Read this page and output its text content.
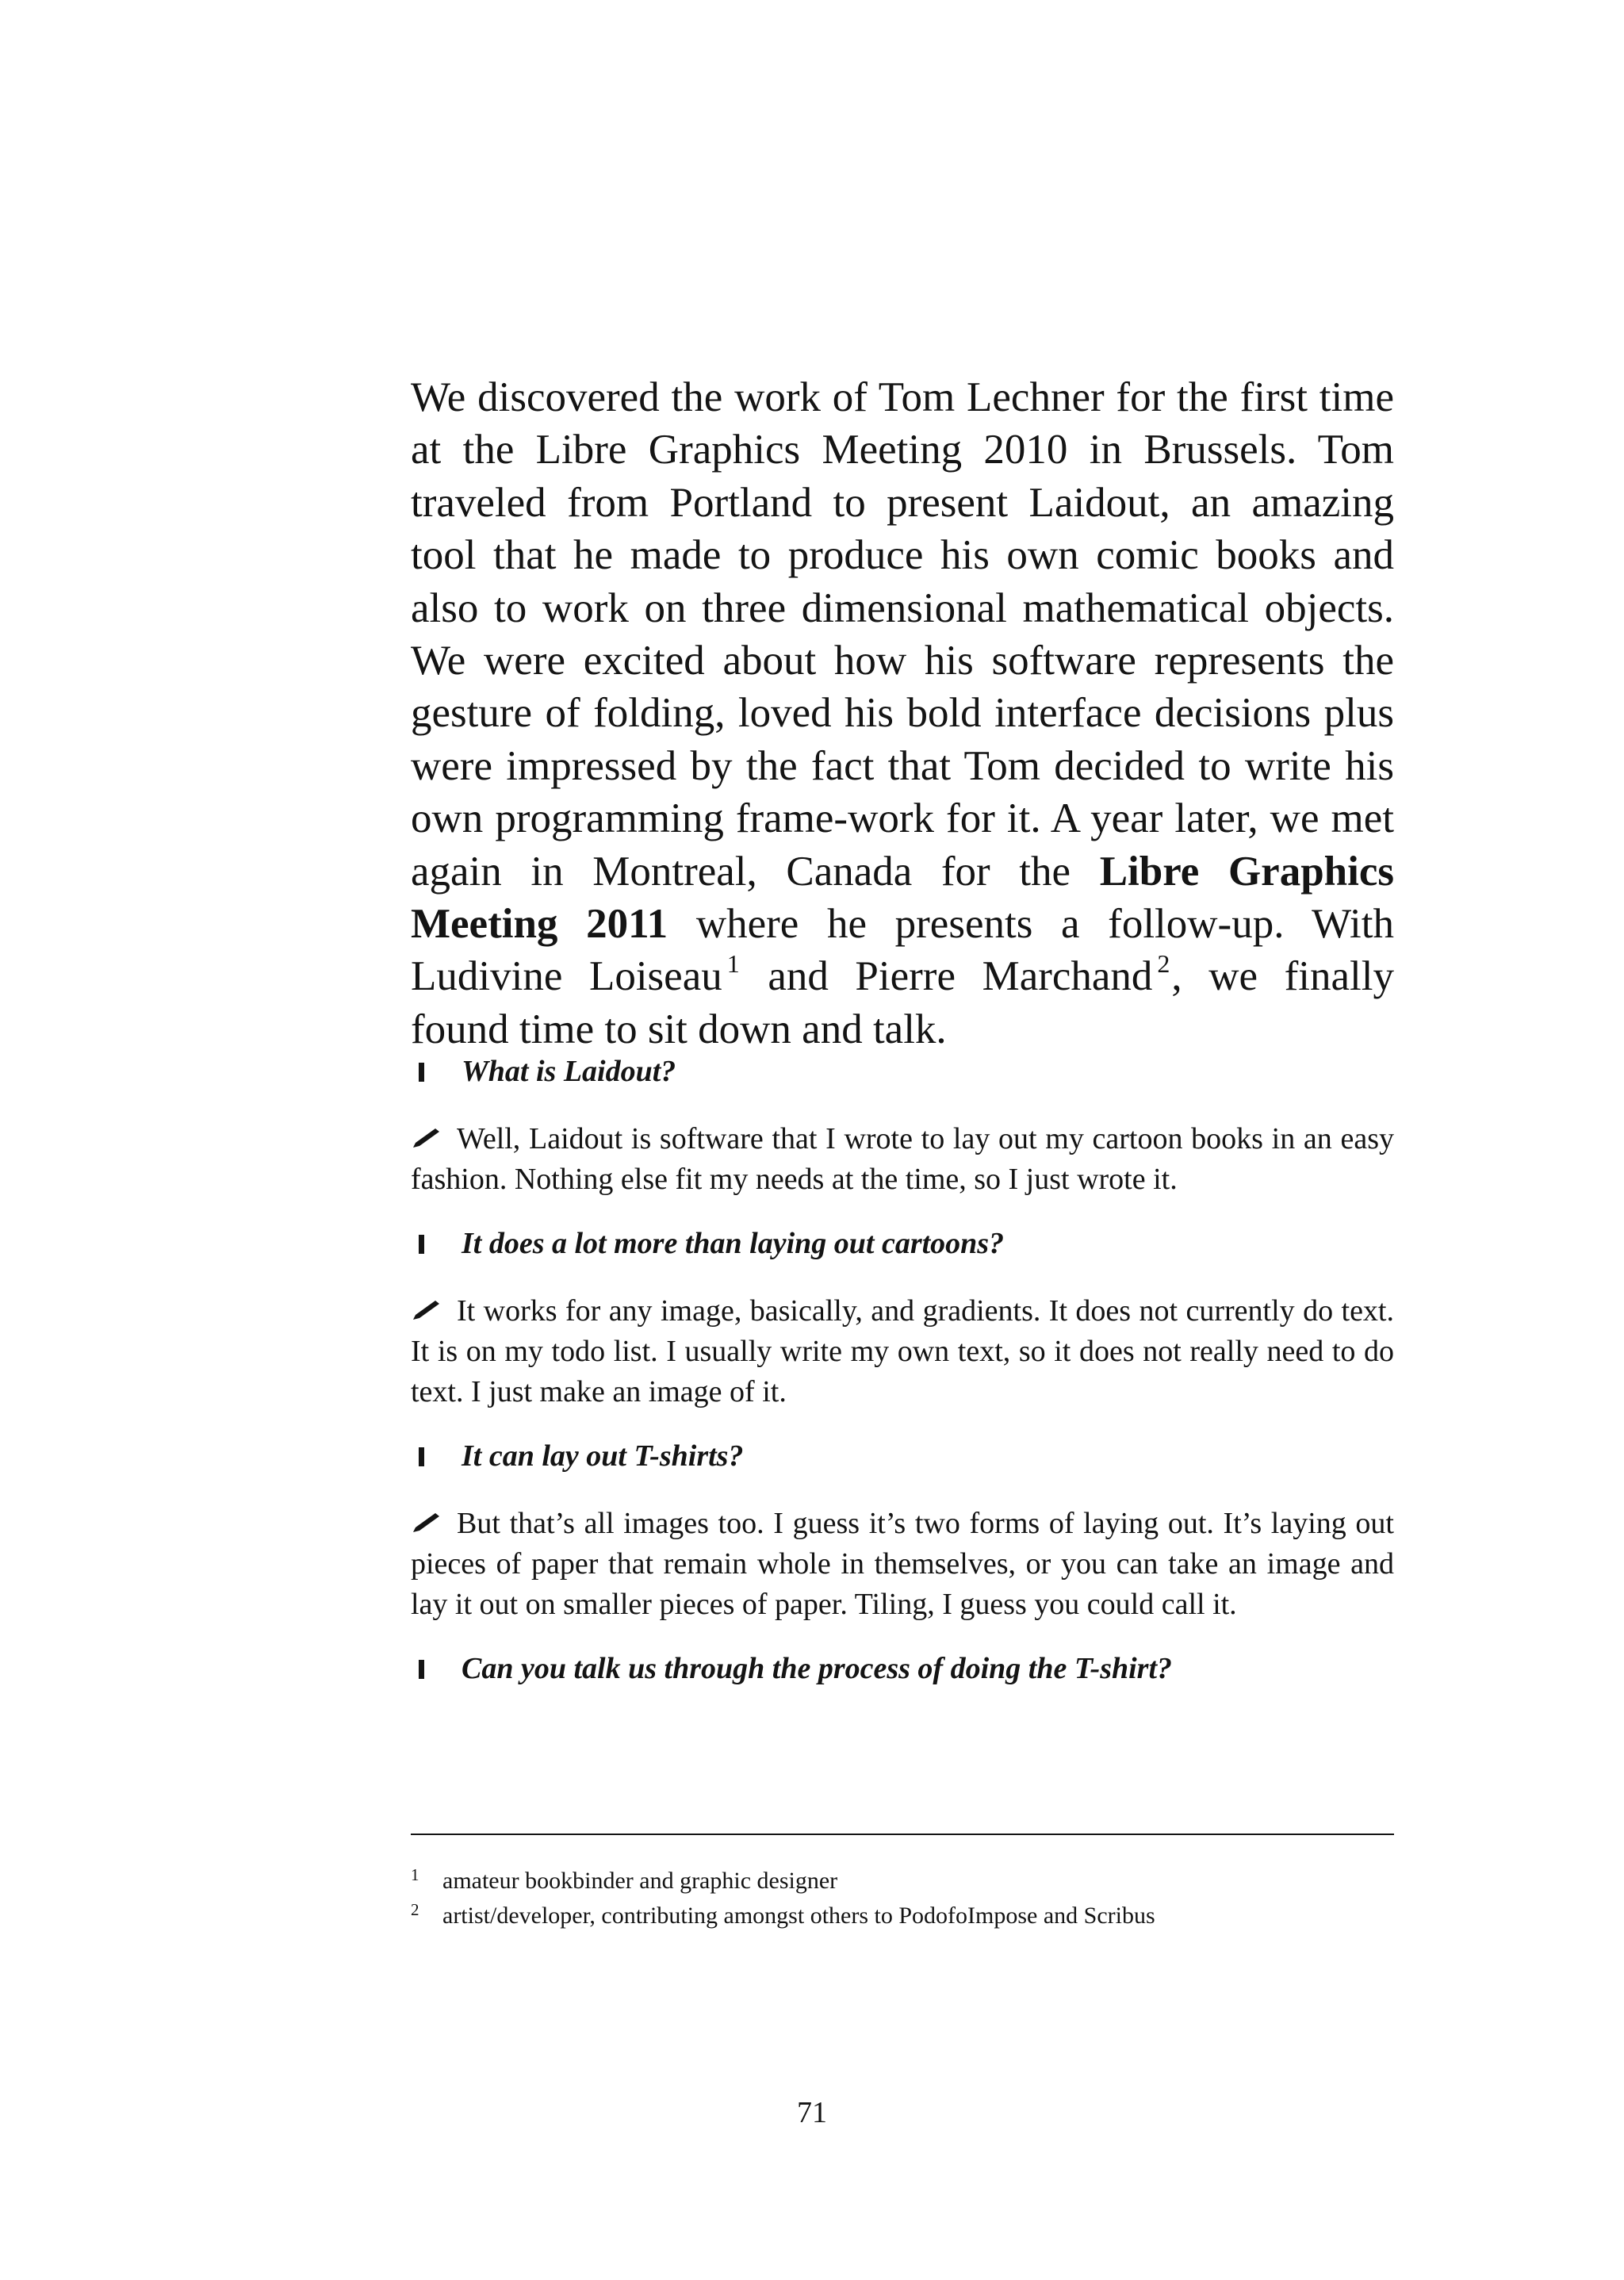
We discovered the work of Tom Lechner for the first time at the Libre Graphics Meeting 2010 in Brussels. Tom traveled from Portland to present Laidout, an amazing tool that he made to produce his own comic books and also to work on three dimensional mathematical objects. We were excited about how his software represents the gesture of folding, loved his bold interface decisions plus were impressed by the fact that Tom decided to write his own programming frame-work for it. A year later, we met again in Montreal, Canada for the Libre Graphics Meeting 2011 where he presents a follow-up. With Ludivine Loiseau $^1$ and Pierre Marchand $^2$, we finally found time to sit down and talk.

What is Laidout?

Well, Laidout is software that I wrote to lay out my cartoon books in an easy fashion. Nothing else fit my needs at the time, so I just wrote it.

It does a lot more than laying out cartoons?

It works for any image, basically, and gradients. It does not currently do text. It is on my todo list. I usually write my own text, so it does not really need to do text. I just make an image of it.

It can lay out T-shirts?

But that’s all images too. I guess it’s two forms of laying out. It’s laying out pieces of paper that remain whole in themselves, or you can take an image and lay it out on smaller pieces of paper. Tiling, I guess you could call it.

Can you talk us through the process of doing the T-shirt?

1 amateur bookbinder and graphic designer

2 artist/developer, contributing amongst others to PodofoImpose and Scribus

71
